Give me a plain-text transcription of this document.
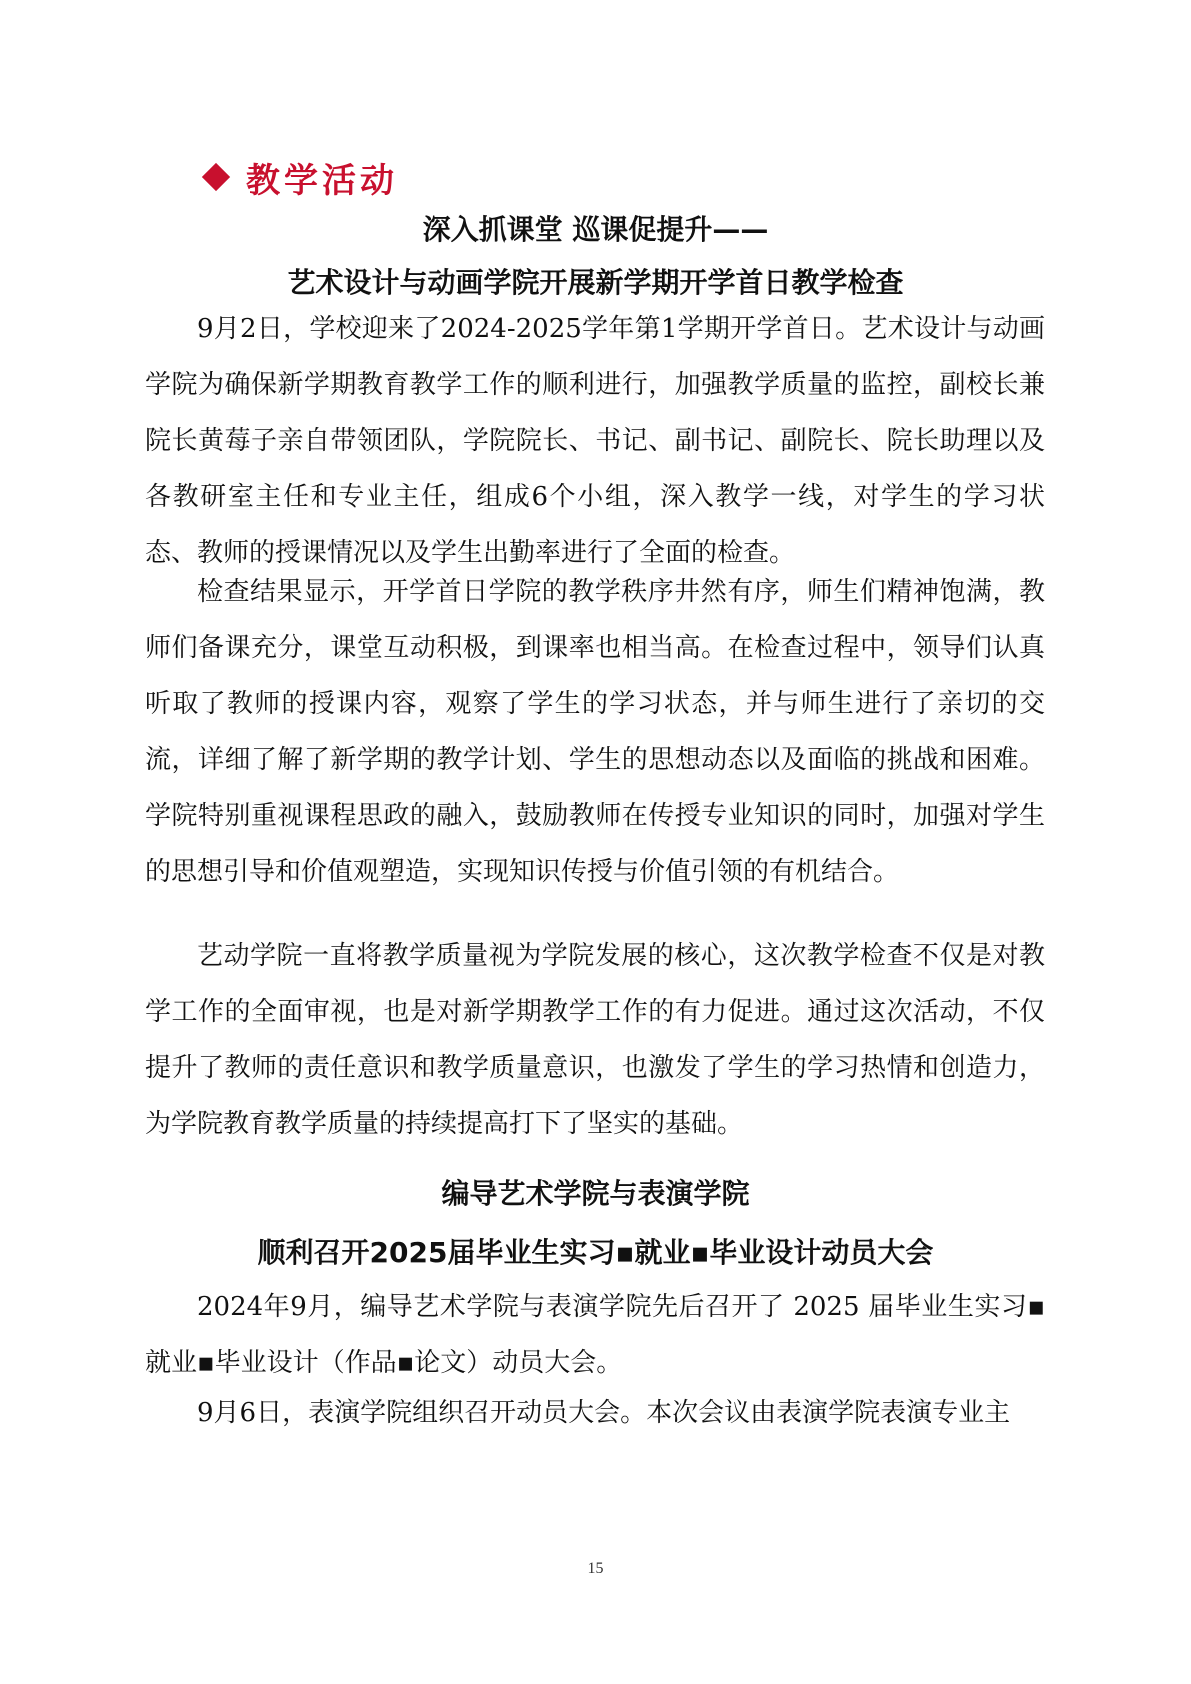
教学活动
深入抓课堂 巡课促提升——
艺术设计与动画学院开展新学期开学首日教学检查

9月2日，学校迎来了2024-2025学年第1学期开学首日。艺术设计与动画学院为确保新学期教育教学工作的顺利进行，加强教学质量的监控，副校长兼院长黄莓子亲自带领团队，学院院长、书记、副书记、副院长、院长助理以及各教研室主任和专业主任，组成6个小组，深入教学一线，对学生的学习状态、教师的授课情况以及学生出勤率进行了全面的检查。

检查结果显示，开学首日学院的教学秩序井然有序，师生们精神饱满，教师们备课充分，课堂互动积极，到课率也相当高。在检查过程中，领导们认真听取了教师的授课内容，观察了学生的学习状态，并与师生进行了亲切的交流，详细了解了新学期的教学计划、学生的思想动态以及面临的挑战和困难。学院特别重视课程思政的融入，鼓励教师在传授专业知识的同时，加强对学生的思想引导和价值观塑造，实现知识传授与价值引领的有机结合。

艺动学院一直将教学质量视为学院发展的核心，这次教学检查不仅是对教学工作的全面审视，也是对新学期教学工作的有力促进。通过这次活动，不仅提升了教师的责任意识和教学质量意识，也激发了学生的学习热情和创造力，为学院教育教学质量的持续提高打下了坚实的基础。

编导艺术学院与表演学院
顺利召开2025届毕业生实习▪就业▪毕业设计动员大会

2024年9月，编导艺术学院与表演学院先后召开了 2025 届毕业生实习▪就业▪毕业设计（作品▪论文）动员大会。

9月6日，表演学院组织召开动员大会。本次会议由表演学院表演专业主

15
